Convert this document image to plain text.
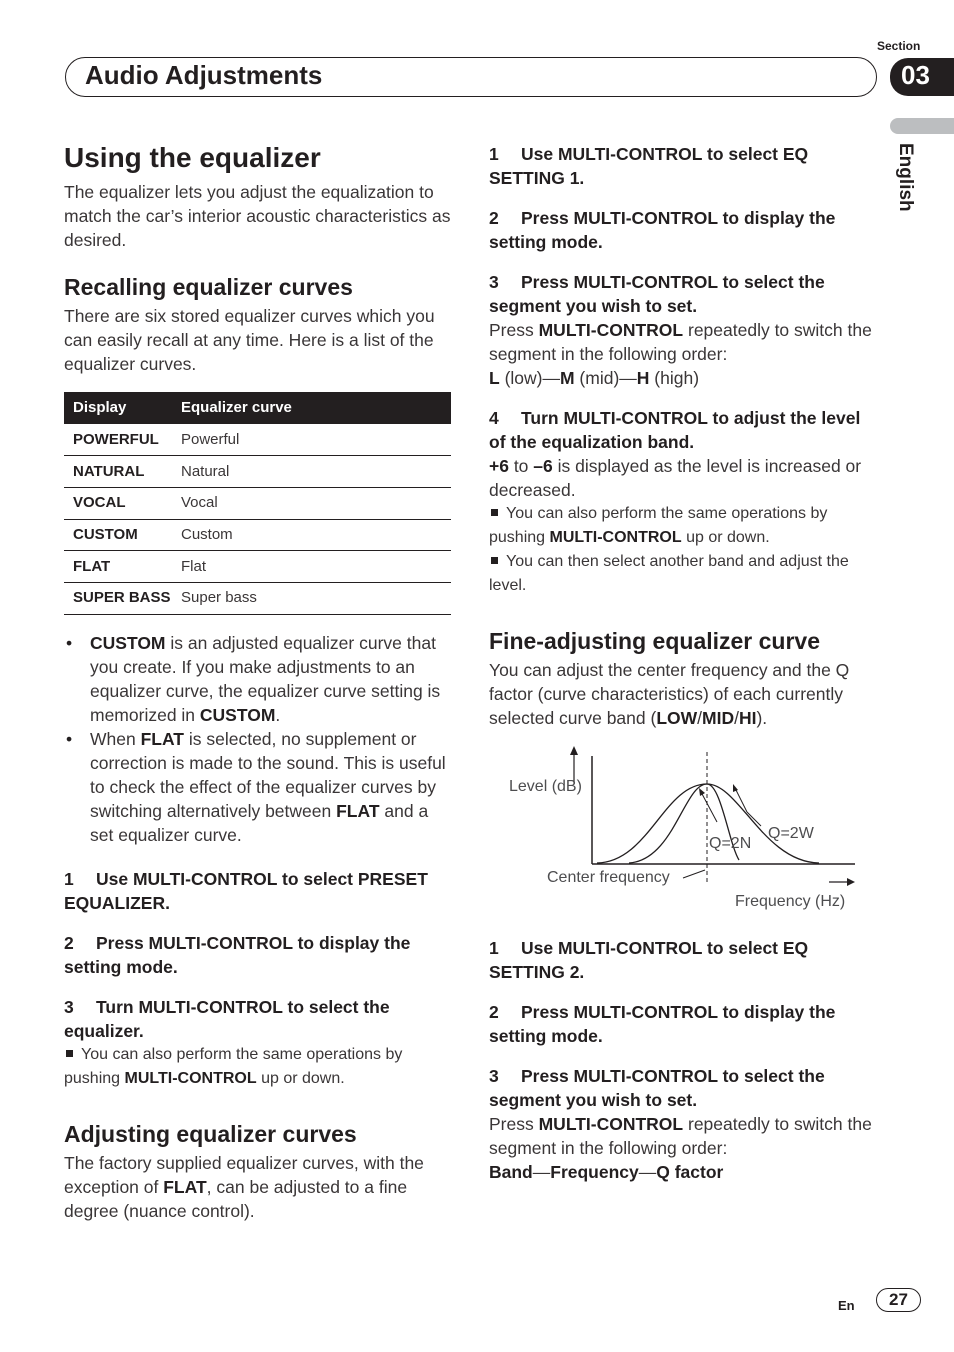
Section
Audio Adjustments	03
English
Using the equalizer

The equalizer lets you adjust the equalization to match the car’s interior acoustic characteristics as desired.

Recalling equalizer curves

There are six stored equalizer curves which you can easily recall at any time. Here is a list of the equalizer curves.

Display	Equalizer curve
POWERFUL	Powerful
NATURAL	Natural
VOCAL	Vocal
CUSTOM	Custom
FLAT	Flat
SUPER BASS	Super bass
• CUSTOM is an adjusted equalizer curve that you create. If you make adjustments to an equalizer curve, the equalizer curve setting is memorized in CUSTOM.
• When FLAT is selected, no supplement or correction is made to the sound. This is useful to check the effect of the equalizer curves by switching alternatively between FLAT and a set equalizer curve.
1 Use MULTI-CONTROL to select PRESET EQUALIZER.
2 Press MULTI-CONTROL to display the setting mode.
3 Turn MULTI-CONTROL to select the equalizer.
You can also perform the same operations by pushing MULTI-CONTROL up or down.
Adjusting equalizer curves

The factory supplied equalizer curves, with the exception of FLAT, can be adjusted to a fine degree (nuance control).

1 Use MULTI-CONTROL to select EQ SETTING 1.
2 Press MULTI-CONTROL to display the setting mode.
3 Press MULTI-CONTROL to select the segment you wish to set.

Press MULTI-CONTROL repeatedly to switch the segment in the following order:

L (low)—M (mid)—H (high)

4 Turn MULTI-CONTROL to adjust the level of the equalization band.

+6 to –6 is displayed as the level is increased or decreased.

You can also perform the same operations by pushing MULTI-CONTROL up or down.
You can then select another band and adjust the level.
Fine-adjusting equalizer curve

You can adjust the center frequency and the Q factor (curve characteristics) of each currently selected curve band (LOW/MID/HI).

Level (dB)
Q=2N
Q=2W
Center frequency
Frequency (Hz)
1 Use MULTI-CONTROL to select EQ SETTING 2.
2 Press MULTI-CONTROL to display the setting mode.
3 Press MULTI-CONTROL to select the segment you wish to set.

Press MULTI-CONTROL repeatedly to switch the segment in the following order:

Band—Frequency—Q factor

En	27
